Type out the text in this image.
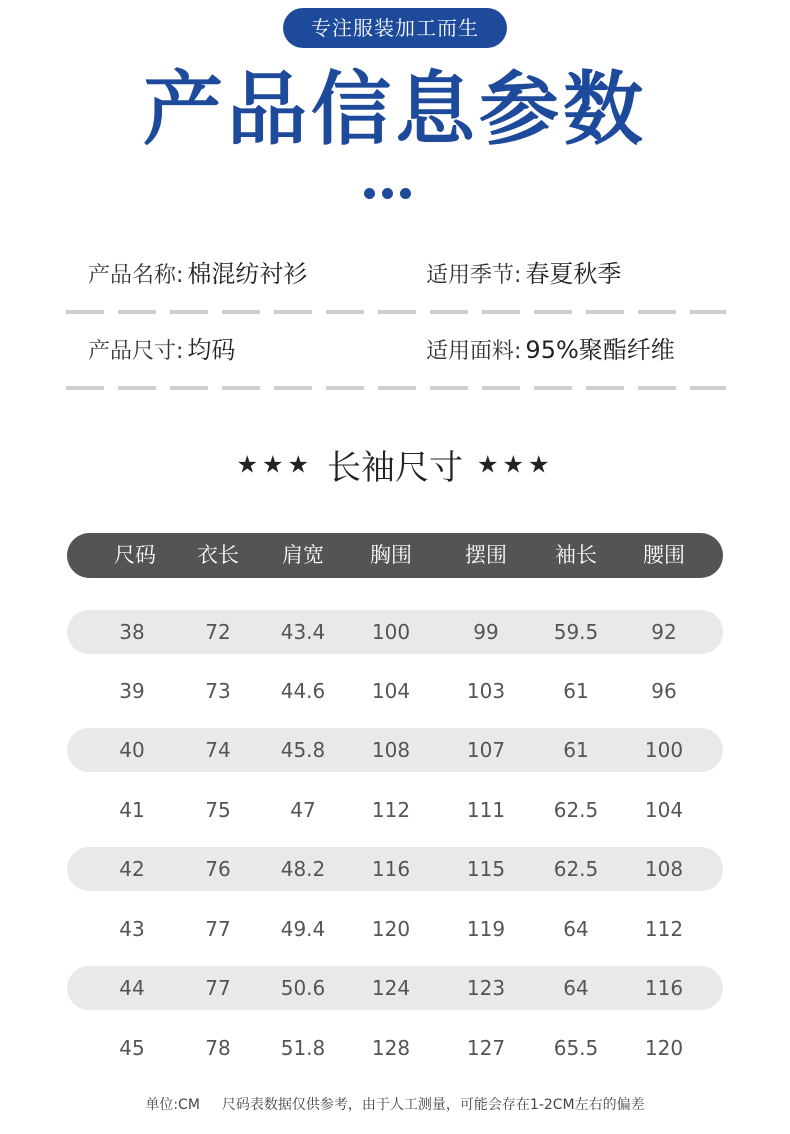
专注服装加工而生
产品信息参数
产品名称: 棉混纺衬衫	适用季节: 春夏秋季
产品尺寸: 均码	适用面料: 95%聚酯纤维
★★★ 长袖尺寸 ★★★
尺码 衣长 肩宽 胸围	摆围 袖长 腰围
38	72	43.4 100	99	59.5	92
39	73	44.6 104	103	61	96
40	74	45.8 108	107	61	100
41	75	47	112	111 62.5 104
42	76	48.2 116	115 62.5 108
43	77	49.4 120	119	64	112
44	77	50.6 124	123	64	116
45	78	51.8 128	127 65.5 120
单位:CM 尺码表数据仅供参考，由于人工测量，可能会存在1-2CM左右的偏差
